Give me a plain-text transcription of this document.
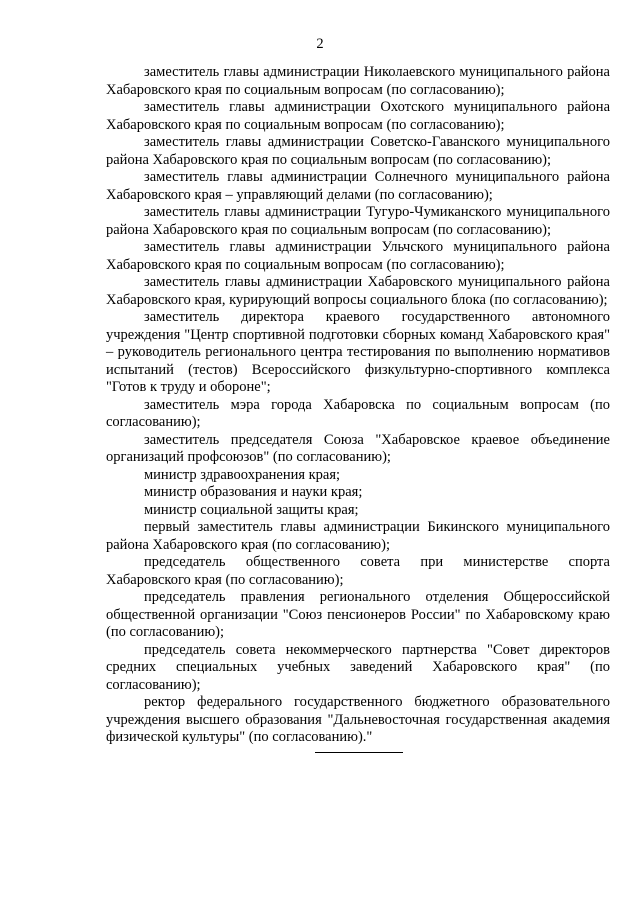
2

заместитель главы администрации Николаевского муниципального района Хабаровского края по социальным вопросам (по согласованию);

заместитель главы администрации Охотского муниципального района Хабаровского края по социальным вопросам (по согласованию);

заместитель главы администрации Советско-Гаванского муниципального района Хабаровского края по социальным вопросам (по согласованию);

заместитель главы администрации Солнечного муниципального района Хабаровского края – управляющий делами (по согласованию);

заместитель главы администрации Тугуро-Чумиканского муниципального района Хабаровского края по социальным вопросам (по согласованию);

заместитель главы администрации Ульчского муниципального района Хабаровского края по социальным вопросам (по согласованию);

заместитель главы администрации Хабаровского муниципального района Хабаровского края, курирующий вопросы социального блока (по согласованию);

заместитель директора краевого государственного автономного учреждения "Центр спортивной подготовки сборных команд Хабаровского края" – руководитель регионального центра тестирования по выполнению нормативов испытаний (тестов) Всероссийского физкультурно-спортивного комплекса "Готов к труду и обороне";

заместитель мэра города Хабаровска по социальным вопросам (по согласованию);

заместитель председателя Союза "Хабаровское краевое объединение организаций профсоюзов" (по согласованию);

министр здравоохранения края;

министр образования и науки края;

министр социальной защиты края;

первый заместитель главы администрации Бикинского муниципального района Хабаровского края (по согласованию);

председатель общественного совета при министерстве спорта Хабаровского края (по согласованию);

председатель правления регионального отделения Общероссийской общественной организации "Союз пенсионеров России" по Хабаровскому краю (по согласованию);

председатель совета некоммерческого партнерства "Совет директоров средних специальных учебных заведений Хабаровского края" (по согласованию);

ректор федерального государственного бюджетного образовательного учреждения высшего образования "Дальневосточная государственная академия физической культуры" (по согласованию)."
